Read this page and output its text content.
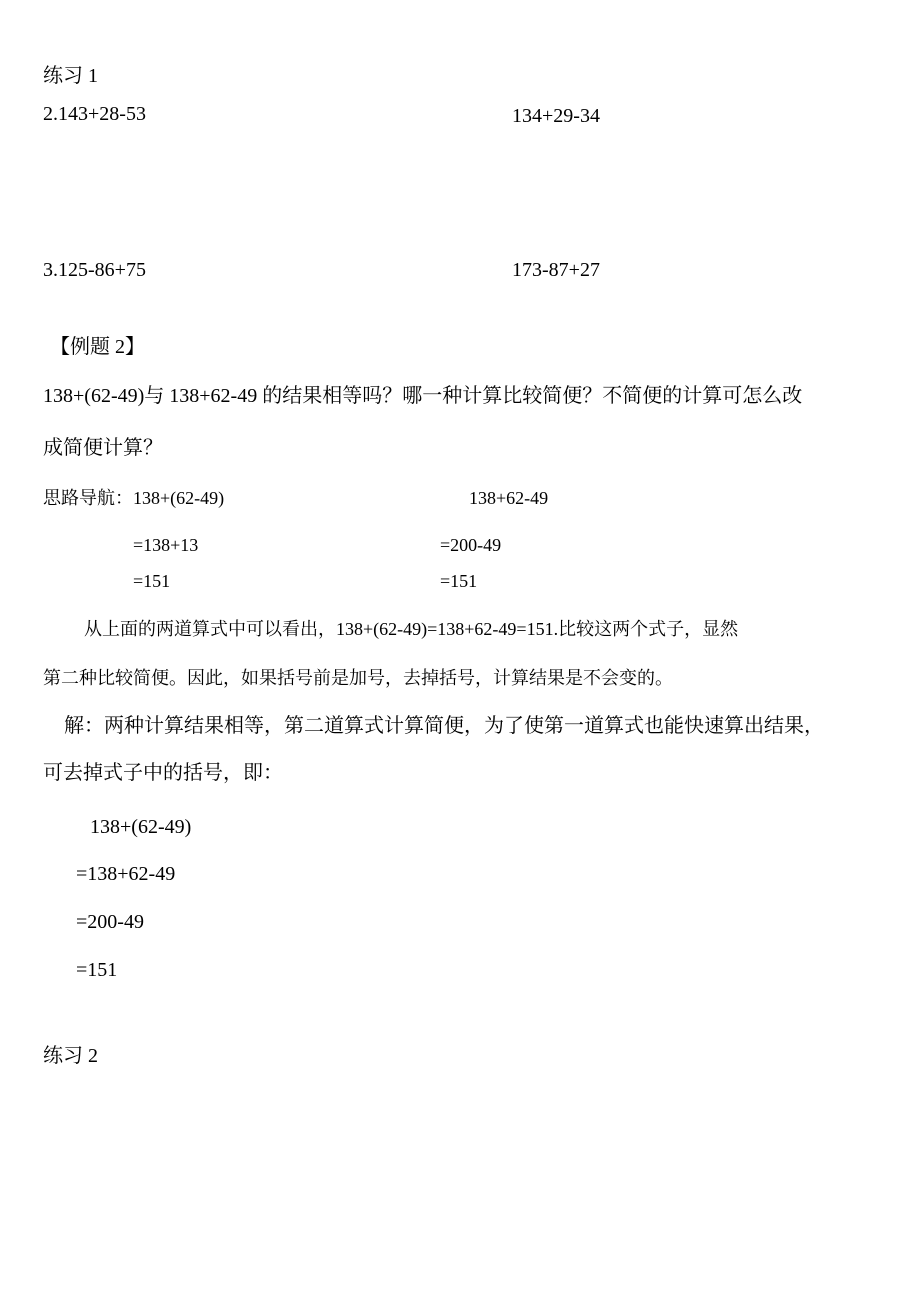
练习 1
2.143+28-53	134+29-34
3.125-86+75	173-87+27
【例题 2】
138+(62-49)与 138+62-49 的结果相等吗？哪一种计算比较简便？不简便的计算可怎么改
成简便计算？
思路导航：138+(62-49)	138+62-49
=138+13	=200-49
=151	=151
从上面的两道算式中可以看出，138+(62-49)=138+62-49=151.比较这两个式子，显然
第二种比较简便。因此，如果括号前是加号，去掉括号，计算结果是不会变的。
解：两种计算结果相等，第二道算式计算简便，为了使第一道算式也能快速算出结果，
可去掉式子中的括号，即：
138+(62-49)
=138+62-49
=200-49
=151
练习 2
